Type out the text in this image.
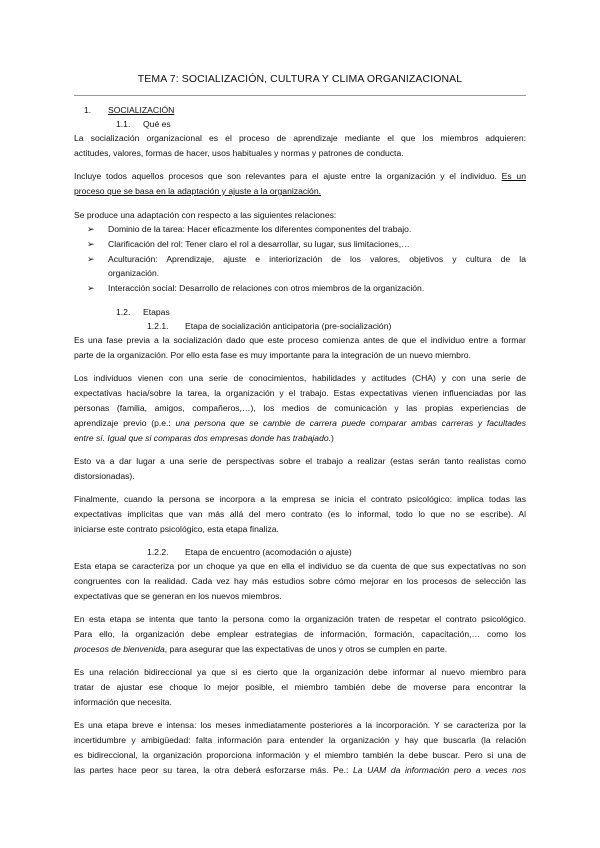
TEMA 7: SOCIALIZACIÓN, CULTURA Y CLIMA ORGANIZACIONAL
1. SOCIALIZACIÓN
1.1. Qué es
La socialización organizacional es el proceso de aprendizaje mediante el que los miembros adquieren:
actitudes, valores, formas de hacer, usos habituales y normas y patrones de conducta.
Incluye todos aquellos procesos que son relevantes para el ajuste entre la organización y el individuo. Es un
proceso que se basa en la adaptación y ajuste a la organización.
Se produce una adaptación con respecto a las siguientes relaciones:
➢ Dominio de la tarea: Hacer eficazmente los diferentes componentes del trabajo.
➢ Clarificación del rol: Tener claro el rol a desarrollar, su lugar, sus limitaciones,…
➢ Aculturación: Aprendizaje, ajuste e interiorización de los valores, objetivos y cultura de la
organización.
➢ Interacción social: Desarrollo de relaciones con otros miembros de la organización.
1.2. Etapas
1.2.1. Etapa de socialización anticipatoria (pre-socialización)
Es una fase previa a la socialización dado que este proceso comienza antes de que el individuo entre a formar
parte de la organización. Por ello esta fase es muy importante para la integración de un nuevo miembro.
Los individuos vienen con una serie de conocimientos, habilidades y actitudes (CHA) y con una serie de
expectativas hacia/sobre la tarea, la organización y el trabajo. Estas expectativas vienen influenciadas por las
personas (familia, amigos, compañeros,…), los medios de comunicación y las propias experiencias de
aprendizaje previo (p.e.: una persona que se cambie de carrera puede comparar ambas carreras y facultades
entre sí. Igual que si comparas dos empresas donde has trabajado.)
Esto va a dar lugar a una serie de perspectivas sobre el trabajo a realizar (estas serán tanto realistas como
distorsionadas).
Finalmente, cuando la persona se incorpora a la empresa se inicia el contrato psicológico: implica todas las
expectativas implícitas que van más allá del mero contrato (es lo informal, todo lo que no se escribe). Al
iniciarse este contrato psicológico, esta etapa finaliza.
1.2.2. Etapa de encuentro (acomodación o ajuste)
Esta etapa se caracteriza por un choque ya que en ella el individuo se da cuenta de que sus expectativas no son
congruentes con la realidad. Cada vez hay más estudios sobre cómo mejorar en los procesos de selección las
expectativas que se generan en los nuevos miembros.
En esta etapa se intenta que tanto la persona como la organización traten de respetar el contrato psicológico.
Para ello, la organización debe emplear estrategias de información, formación, capacitación,… como los
procesos de bienvenida, para asegurar que las expectativas de unos y otros se cumplen en parte.
Es una relación bidireccional ya que si es cierto que la organización debe informar al nuevo miembro para
tratar de ajustar ese choque lo mejor posible, el miembro también debe de moverse para encontrar la
información que necesita.
Es una etapa breve e intensa: los meses inmediatamente posteriores a la incorporación. Y se caracteriza por la
incertidumbre y ambigüedad: falta información para entender la organización y hay que buscarla (la relación
es bidireccional, la organización proporciona información y el miembro también la debe buscar. Pero si una de
las partes hace peor su tarea, la otra deberá esforzarse más. Pe.: La UAM da información pero a veces nos
